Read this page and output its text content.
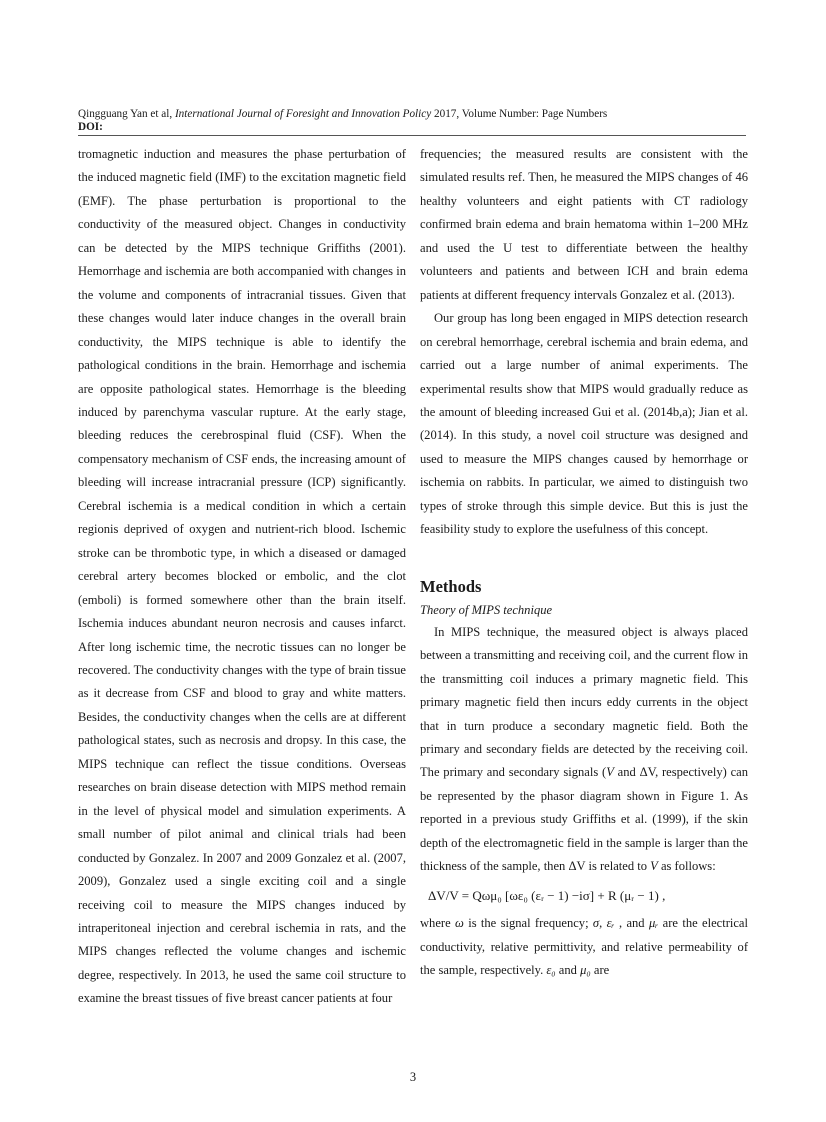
Qingguang Yan et al, International Journal of Foresight and Innovation Policy 2017, Volume Number: Page Numbers
DOI:

tromagnetic induction and measures the phase perturbation of the induced magnetic field (IMF) to the excitation magnetic field (EMF). The phase perturbation is proportional to the conductivity of the measured object. Changes in conductivity can be detected by the MIPS technique Griffiths (2001). Hemorrhage and ischemia are both accompanied with changes in the volume and components of intracranial tissues. Given that these changes would later induce changes in the overall brain conductivity, the MIPS technique is able to identify the pathological conditions in the brain. Hemorrhage and ischemia are opposite pathological states. Hemorrhage is the bleeding induced by parenchyma vascular rupture. At the early stage, bleeding reduces the cerebrospinal fluid (CSF). When the compensatory mechanism of CSF ends, the increasing amount of bleeding will increase intracranial pressure (ICP) significantly. Cerebral ischemia is a medical condition in which a certain regionis deprived of oxygen and nutrient-rich blood. Ischemic stroke can be thrombotic type, in which a diseased or damaged cerebral artery becomes blocked or embolic, and the clot (emboli) is formed somewhere other than the brain itself. Ischemia induces abundant neuron necrosis and causes infarct. After long ischemic time, the necrotic tissues can no longer be recovered. The conductivity changes with the type of brain tissue as it decrease from CSF and blood to gray and white matters. Besides, the conductivity changes when the cells are at different pathological states, such as necrosis and dropsy. In this case, the MIPS technique can reflect the tissue conditions. Overseas researches on brain disease detection with MIPS method remain in the level of physical model and simulation experiments. A small number of pilot animal and clinical trials had been conducted by Gonzalez. In 2007 and 2009 Gonzalez et al. (2007, 2009), Gonzalez used a single exciting coil and a single receiving coil to measure the MIPS changes induced by intraperitoneal injection and cerebral ischemia in rats, and the MIPS changes reflected the volume changes and ischemic degree, respectively. In 2013, he used the same coil structure to examine the breast tissues of five breast cancer patients at four

frequencies; the measured results are consistent with the simulated results ref. Then, he measured the MIPS changes of 46 healthy volunteers and eight patients with CT radiology confirmed brain edema and brain hematoma within 1–200 MHz and used the U test to differentiate between the healthy volunteers and patients and between ICH and brain edema patients at different frequency intervals Gonzalez et al. (2013).

Our group has long been engaged in MIPS detection research on cerebral hemorrhage, cerebral ischemia and brain edema, and carried out a large number of animal experiments. The experimental results show that MIPS would gradually reduce as the amount of bleeding increased Gui et al. (2014b,a); Jian et al. (2014). In this study, a novel coil structure was designed and used to measure the MIPS changes caused by hemorrhage or ischemia on rabbits. In particular, we aimed to distinguish two types of stroke through this simple device. But this is just the feasibility study to explore the usefulness of this concept.

Methods
Theory of MIPS technique

In MIPS technique, the measured object is always placed between a transmitting and receiving coil, and the current flow in the transmitting coil induces a primary magnetic field. This primary magnetic field then incurs eddy currents in the object that in turn produce a secondary magnetic field. Both the primary and secondary fields are detected by the receiving coil. The primary and secondary signals (V and ΔV, respectively) can be represented by the phasor diagram shown in Figure 1. As reported in a previous study Griffiths et al. (1999), if the skin depth of the electromagnetic field in the sample is larger than the thickness of the sample, then ΔV is related to V as follows:

ΔV/V = Qωμ₀ [ωε₀ (εᵣ − 1) −iσ] + R (μᵣ − 1) ,

where ω is the signal frequency; σ, εᵣ , and μᵣ are the electrical conductivity, relative permittivity, and relative permeability of the sample, respectively. ε₀ and μ₀ are

3
